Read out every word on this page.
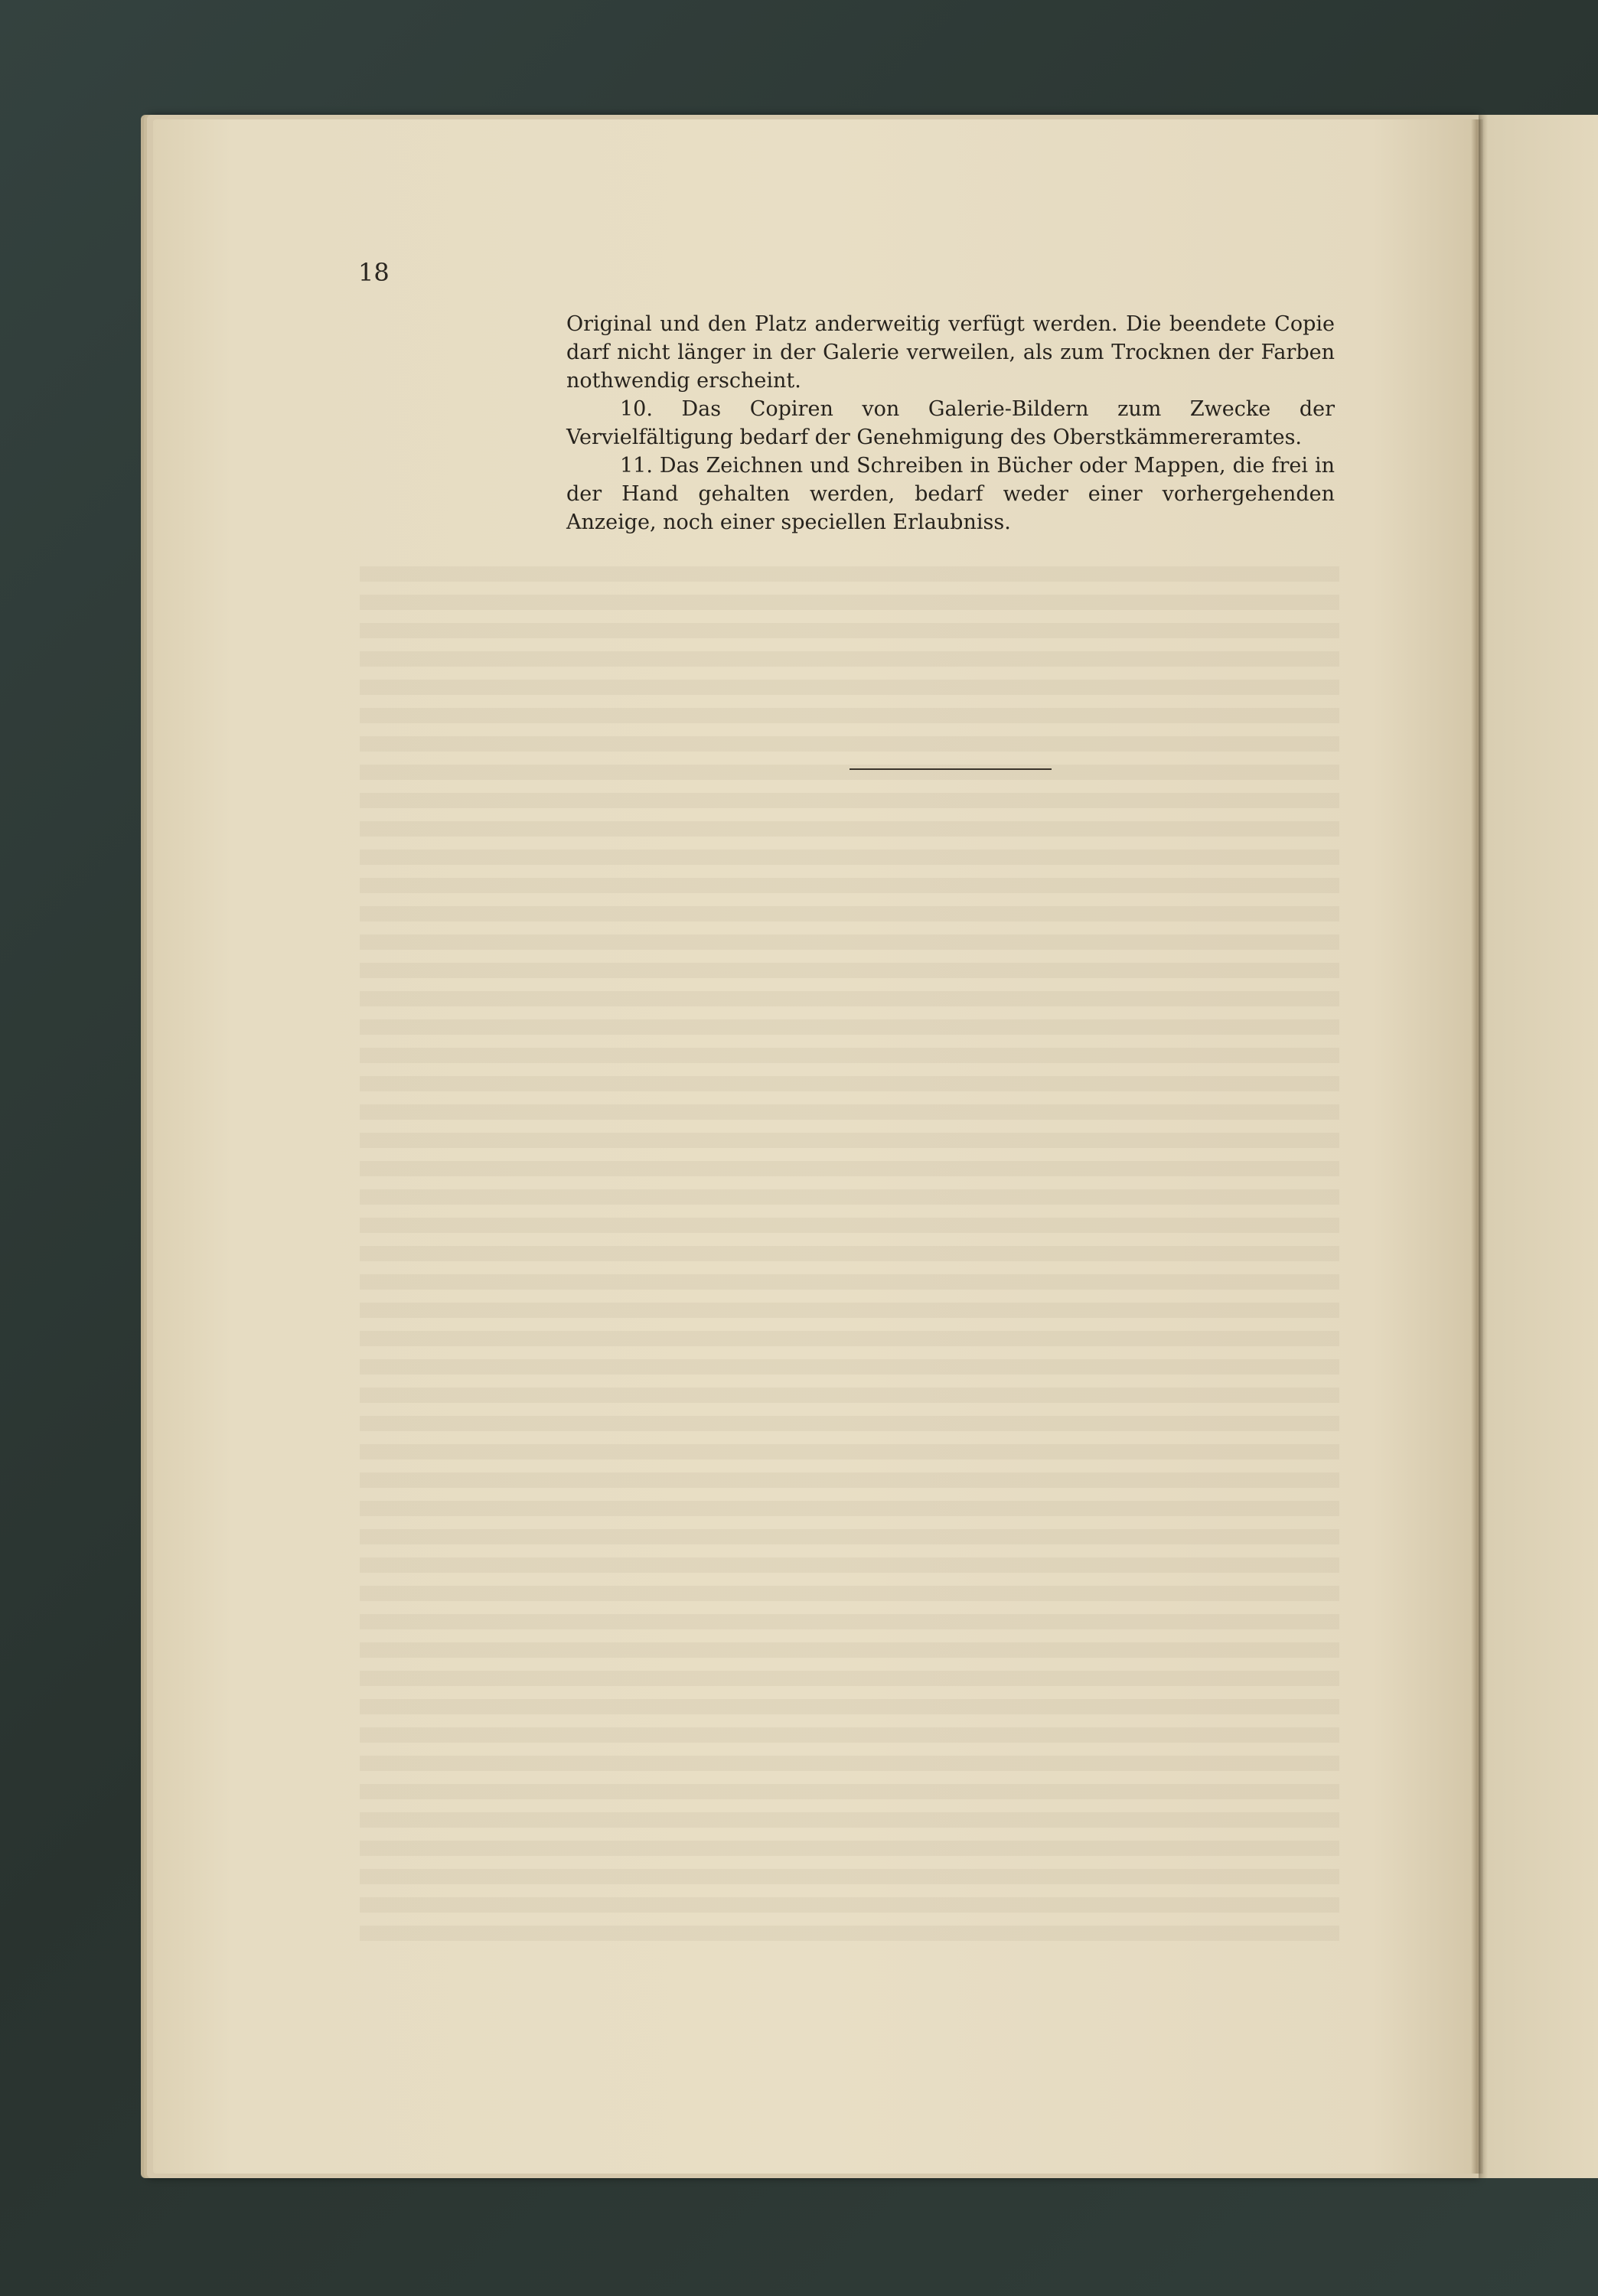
18

Original und den Platz anderweitig verfügt werden. Die beendete Copie darf nicht länger in der Galerie verweilen, als zum Trocknen der Farben nothwendig erscheint.

10. Das Copiren von Galerie-Bildern zum Zwecke der Vervielfältigung bedarf der Genehmigung des Oberstkämmereramtes.

11. Das Zeichnen und Schreiben in Bücher oder Mappen, die frei in der Hand gehalten werden, bedarf weder einer vorhergehenden Anzeige, noch einer speciellen Erlaubniss.
